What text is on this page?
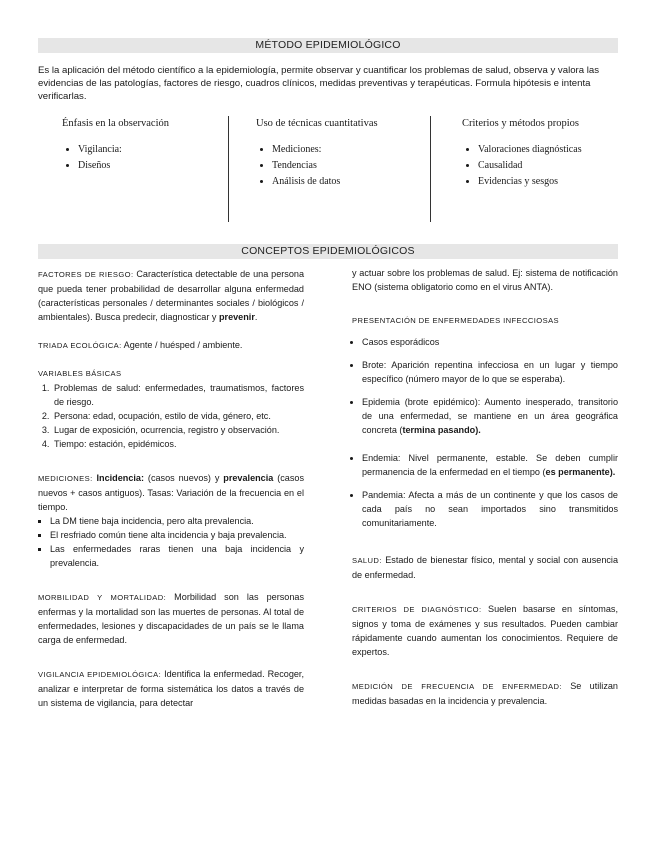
MÉTODO EPIDEMIOLÓGICO

Es la aplicación del método científico a la epidemiología, permite observar y cuantificar los problemas de salud, observa y valora las evidencias de las patologías, factores de riesgo, cuadros clínicos, medidas preventivas y terapéuticas. Formula hipótesis e intenta verificarlas.

Énfasis en la observación
• Vigilancia:
• Diseños
Uso de técnicas cuantitativas
• Mediciones:
• Tendencias
• Análisis de datos
Criterios y métodos propios
• Valoraciones diagnósticas
• Causalidad
• Evidencias y sesgos
CONCEPTOS EPIDEMIOLÓGICOS

FACTORES DE RIESGO: Característica detectable de una persona que pueda tener probabilidad de desarrollar alguna enfermedad (características personales / determinantes sociales / biológicos / ambientales). Busca predecir, diagnosticar y prevenir.

TRIADA ECOLÓGICA: Agente / huésped / ambiente.

VARIABLES BÁSICAS

1. Problemas de salud: enfermedades, traumatismos, factores de riesgo.
2. Persona: edad, ocupación, estilo de vida, género, etc.
3. Lugar de exposición, ocurrencia, registro y observación.
4. Tiempo: estación, epidémicos.

MEDICIONES: Incidencia: (casos nuevos) y prevalencia (casos nuevos + casos antiguos). Tasas: Variación de la frecuencia en el tiempo.

▪ La DM tiene baja incidencia, pero alta prevalencia.
▪ El resfriado común tiene alta incidencia y baja prevalencia.
▪ Las enfermedades raras tienen una baja incidencia y prevalencia.

MORBILIDAD Y MORTALIDAD: Morbilidad son las personas enfermas y la mortalidad son las muertes de personas. Al total de enfermedades, lesiones y discapacidades de un país se le llama carga de enfermedad.

VIGILANCIA EPIDEMIOLÓGICA: Identifica la enfermedad. Recoger, analizar e interpretar de forma sistemática los datos a través de un sistema de vigilancia, para detectar

y actuar sobre los problemas de salud. Ej: sistema de notificación ENO (sistema obligatorio como en el virus ANTA).

PRESENTACIÓN DE ENFERMEDADES INFECCIOSAS

• Casos esporádicos
• Brote: Aparición repentina infecciosa en un lugar y tiempo específico (número mayor de lo que se esperaba).
• Epidemia (brote epidémico): Aumento inesperado, transitorio de una enfermedad, se mantiene en un área geográfica concreta (termina pasando).
• Endemia: Nivel permanente, estable. Se deben cumplir permanencia de la enfermedad en el tiempo (es permanente).
• Pandemia: Afecta a más de un continente y que los casos de cada país no sean importados sino transmitidos comunitariamente.

SALUD: Estado de bienestar físico, mental y social con ausencia de enfermedad.

CRITERIOS DE DIAGNÓSTICO: Suelen basarse en síntomas, signos y toma de exámenes y sus resultados. Pueden cambiar rápidamente cuando aumentan los conocimientos. Requiere de expertos.

MEDICIÓN DE FRECUENCIA DE ENFERMEDAD: Se utilizan medidas basadas en la incidencia y prevalencia.
